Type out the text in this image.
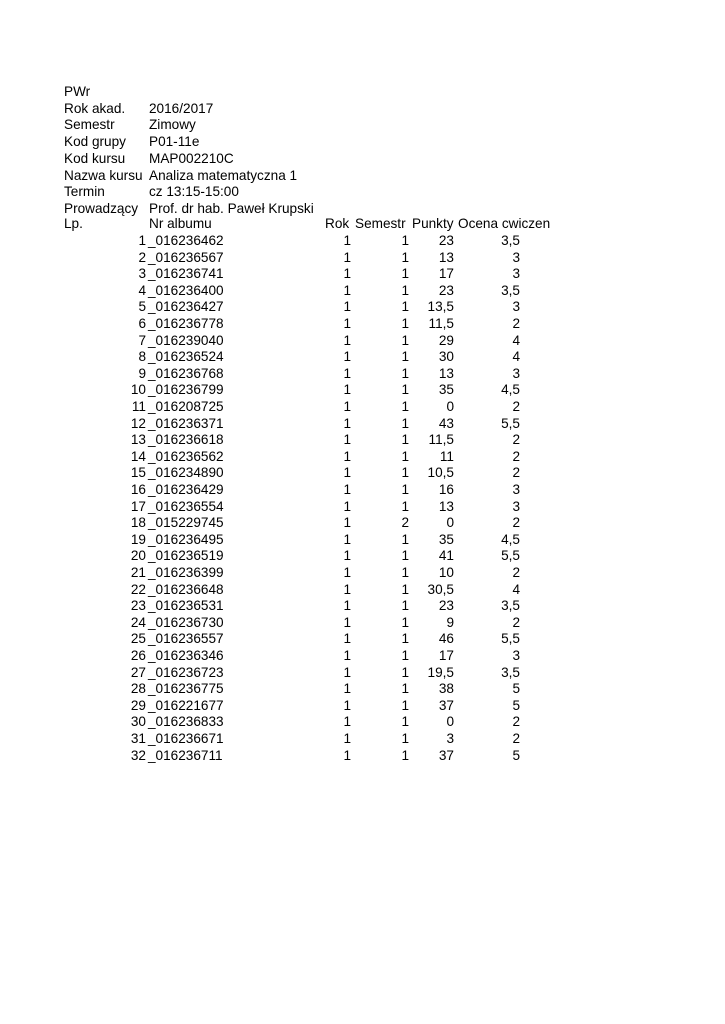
PWr
Rok akad. 2016/2017
Semestr	Zimowy
Kod grupy P01-11e
Kod kursu MAP002210C
Nazwa kursu Analiza matematyczna 1
Termin	cz 13:15-15:00
Prowadzący Prof. dr hab. Paweł Krupski
Lp.	Nr albumu	Rok Semestr Punkty Ocena cwiczen
1 _016236462	1	1 23	3,5
2 _016236567	1	1 13	3
3 _016236741	1	1 17	3
4 _016236400	1	1 23	3,5
5 _016236427	1	1 13,5	3
6 _016236778	1	1 11,5	2
7 _016239040	1	1 29	4
8 _016236524	1	1 30	4
9 _016236768	1	1 13	3
10 _016236799	1	1 35	4,5
11 _016208725	1	1	0	2
12 _016236371	1	1 43	5,5
13 _016236618	1	1 11,5	2
14 _016236562	1	1 11	2
15 _016234890	1	1 10,5	2
16 _016236429	1	1 16	3
17 _016236554	1	1 13	3
18 _015229745	1	2	0	2
19 _016236495	1	1 35	4,5
20 _016236519	1	1 41	5,5
21 _016236399	1	1 10	2
22 _016236648	1	1 30,5	4
23 _016236531	1	1 23	3,5
24 _016236730	1	1	9	2
25 _016236557	1	1 46	5,5
26 _016236346	1	1 17	3
27 _016236723	1	1 19,5	3,5
28 _016236775	1	1 38	5
29 _016221677	1	1 37	5
30 _016236833	1	1	0	2
31 _016236671	1	1	3	2
32 _016236711	1	1 37	5
